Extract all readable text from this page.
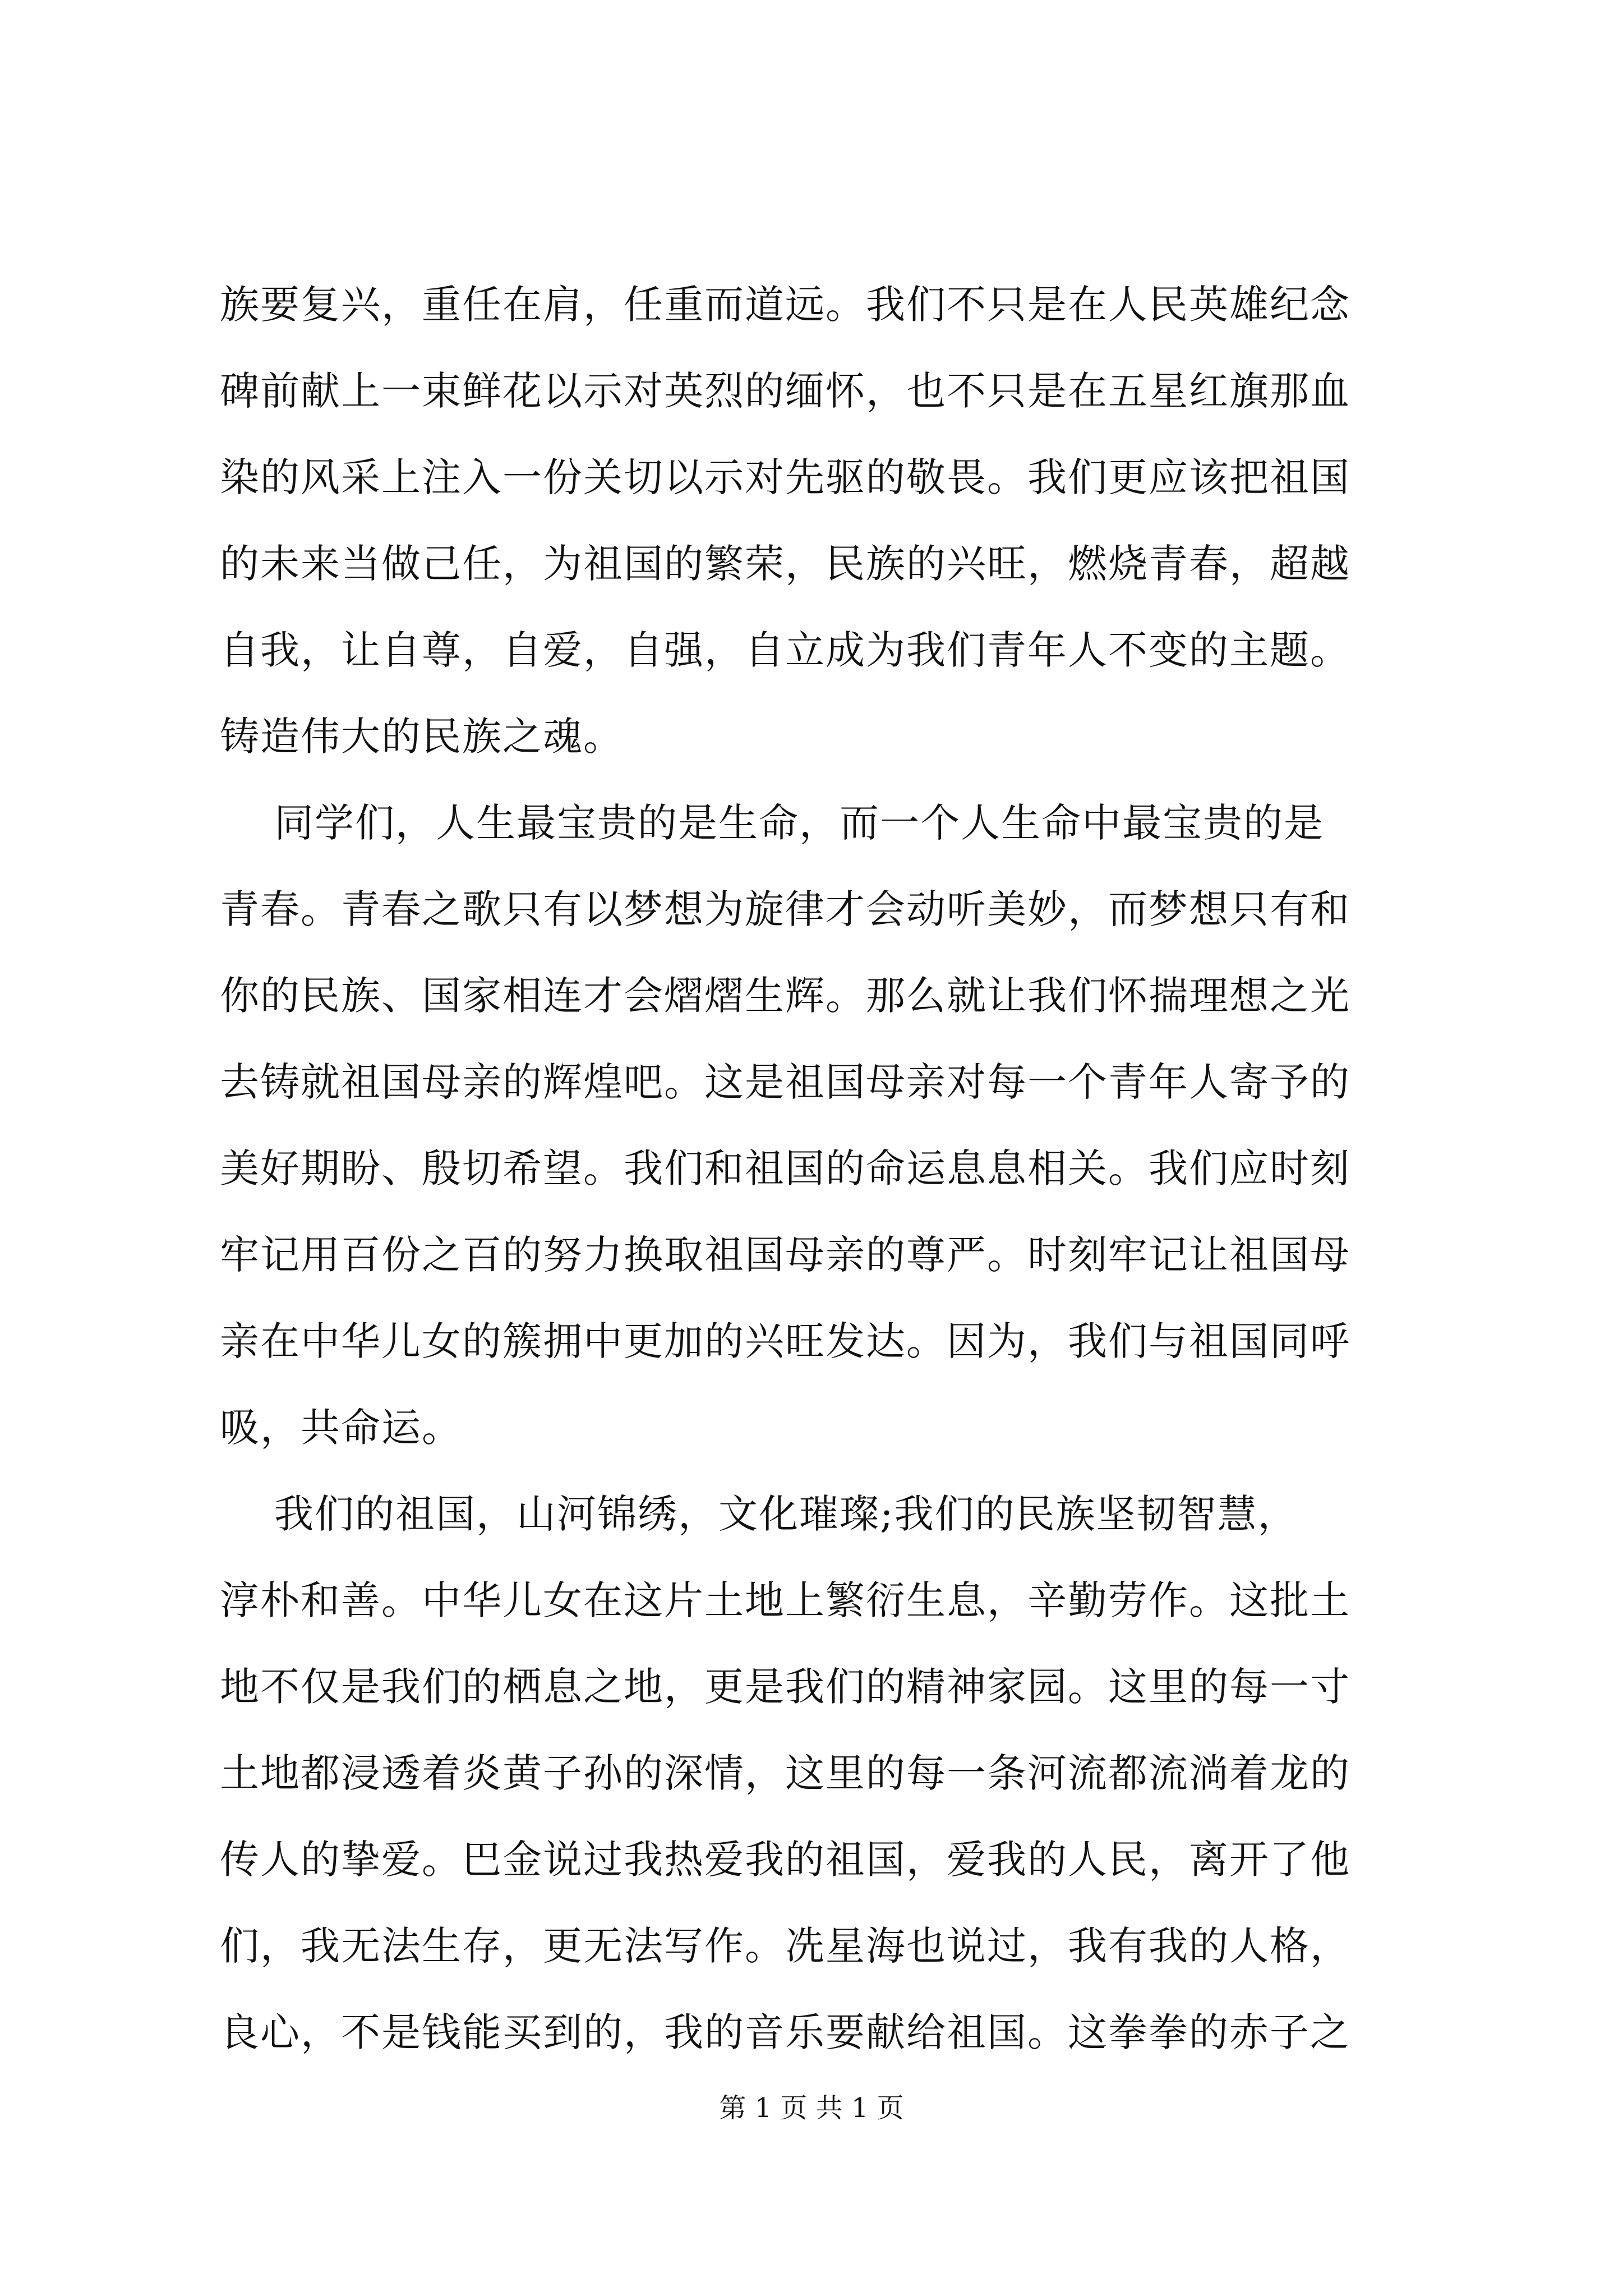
族要复兴，重任在肩，任重而道远。我们不只是在人民英雄纪念
碑前献上一束鲜花以示对英烈的缅怀，也不只是在五星红旗那血
染的风采上注入一份关切以示对先驱的敬畏。我们更应该把祖国
的未来当做己任，为祖国的繁荣，民族的兴旺，燃烧青春，超越
自我，让自尊，自爱，自强，自立成为我们青年人不变的主题。
铸造伟大的民族之魂。
同学们，人生最宝贵的是生命，而一个人生命中最宝贵的是
青春。青春之歌只有以梦想为旋律才会动听美妙，而梦想只有和
你的民族、国家相连才会熠熠生辉。那么就让我们怀揣理想之光
去铸就祖国母亲的辉煌吧。这是祖国母亲对每一个青年人寄予的
美好期盼、殷切希望。我们和祖国的命运息息相关。我们应时刻
牢记用百份之百的努力换取祖国母亲的尊严。时刻牢记让祖国母
亲在中华儿女的簇拥中更加的兴旺发达。因为，我们与祖国同呼
吸，共命运。
我们的祖国，山河锦绣，文化璀璨;我们的民族坚韧智慧，
淳朴和善。中华儿女在这片土地上繁衍生息，辛勤劳作。这批土
地不仅是我们的栖息之地，更是我们的精神家园。这里的每一寸
土地都浸透着炎黄子孙的深情，这里的每一条河流都流淌着龙的
传人的挚爱。巴金说过我热爱我的祖国，爱我的人民，离开了他
们，我无法生存，更无法写作。冼星海也说过，我有我的人格，
良心，不是钱能买到的，我的音乐要献给祖国。这拳拳的赤子之
第 1 页 共 1 页
